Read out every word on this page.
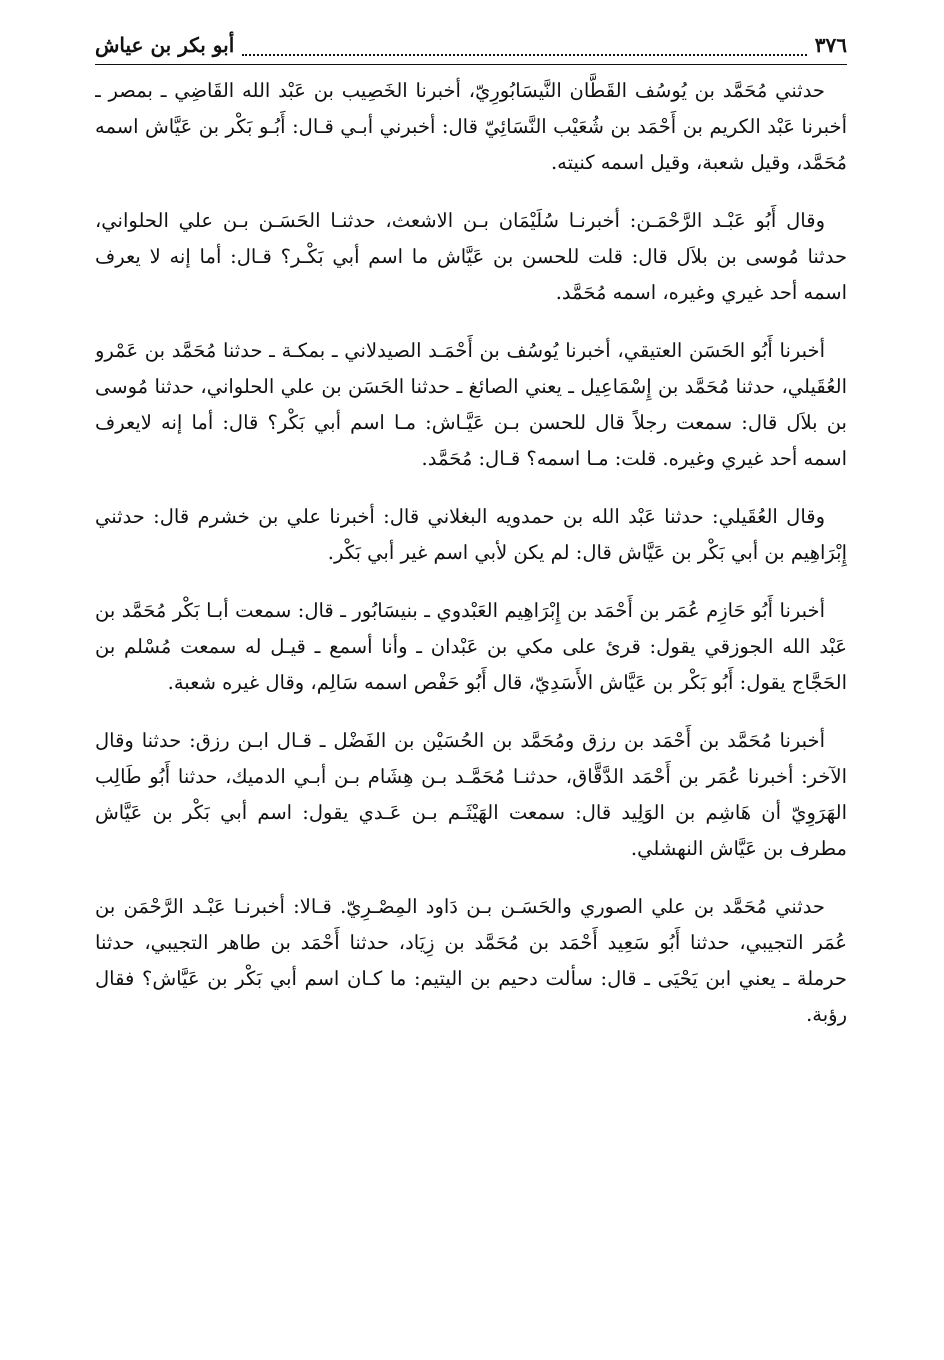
٣٧٦
أبو بكر بن عياش

حدثني مُحَمَّد بن يُوسُف القَطَّان النَّيسَابُورِيّ، أخبرنا الخَصِيب بن عَبْد الله القَاضِي ـ بمصر ـ أخبرنا عَبْد الكريم بن أَحْمَد بن شُعَيْب النَّسَائِيّ قال: أخبرني أبـي قـال: أَبُـو بَكْر بن عَيَّاش اسمه مُحَمَّد، وقيل شعبة، وقيل اسمه كنيته.

وقال أَبُو عَبْـد الرَّحْمَـن: أخبرنـا سُلَيْمَان بـن الاشعث، حدثنـا الحَسَـن بـن علي الحلواني، حدثنا مُوسى بن بلاَل قال: قلت للحسن بن عَيَّاش ما اسم أبي بَكْـر؟ قـال: أما إنه لا يعرف اسمه أحد غيري وغيره، اسمه مُحَمَّد.

أخبرنا أَبُو الحَسَن العتيقي، أخبرنا يُوسُف بن أَحْمَـد الصيدلاني ـ بمكـة ـ حدثنا مُحَمَّد بن عَمْرو العُقَيلي، حدثنا مُحَمَّد بن إِسْمَاعِيل ـ يعني الصائغ ـ حدثنا الحَسَن بن علي الحلواني، حدثنا مُوسى بن بلاَل قال: سمعت رجلاً قال للحسن بـن عَيَّـاش: مـا اسم أبي بَكْر؟ قال: أما إنه لايعرف اسمه أحد غيري وغيره. قلت: مـا اسمه؟ قـال: مُحَمَّد.

وقال العُقَيلي: حدثنا عَبْد الله بن حمدويه البغلاني قال: أخبرنا علي بن خشرم قال: حدثني إِبْرَاهِيم بن أبي بَكْر بن عَيَّاش قال: لم يكن لأبي اسم غير أبي بَكْر.

أخبرنا أَبُو حَازِم عُمَر بن أَحْمَد بن إِبْرَاهِيم العَبْدوي ـ بنيسَابُور ـ قال: سمعت أبـا بَكْر مُحَمَّد بن عَبْد الله الجوزقي يقول: قرئ على مكي بن عَبْدان ـ وأنا أسمع ـ قيـل له سمعت مُسْلم بن الحَجَّاج يقول: أَبُو بَكْر بن عَيَّاش الأَسَدِيّ، قال أَبُو حَفْص اسمه سَالِم، وقال غيره شعبة.

أخبرنا مُحَمَّد بن أَحْمَد بن رزق ومُحَمَّد بن الحُسَيْن بن الفَضْل ـ قـال ابـن رزق: حدثنا وقال الآخر: أخبرنا عُمَر بن أَحْمَد الدَّقَّاق، حدثنـا مُحَمَّـد بـن هِشَام بـن أبـي الدميك، حدثنا أَبُو طَالِب الهَرَوِيّ أن هَاشِم بن الوَلِيد قال: سمعت الهَيْثَـم بـن عَـدي يقول: اسم أبي بَكْر بن عَيَّاش مطرف بن عَيَّاش النهشلي.

حدثني مُحَمَّد بن علي الصوري والحَسَـن بـن دَاود المِصْـرِيّ. قـالا: أخبرنـا عَبْـد الرَّحْمَن بن عُمَر التجيبي، حدثنا أَبُو سَعِيد أَحْمَد بن مُحَمَّد بن زِيَاد، حدثنا أَحْمَد بن طاهر التجيبي، حدثنا حرملة ـ يعني ابن يَحْيَى ـ قال: سألت دحيم بن اليتيم: ما كـان اسم أبي بَكْر بن عَيَّاش؟ فقال رؤبة.
